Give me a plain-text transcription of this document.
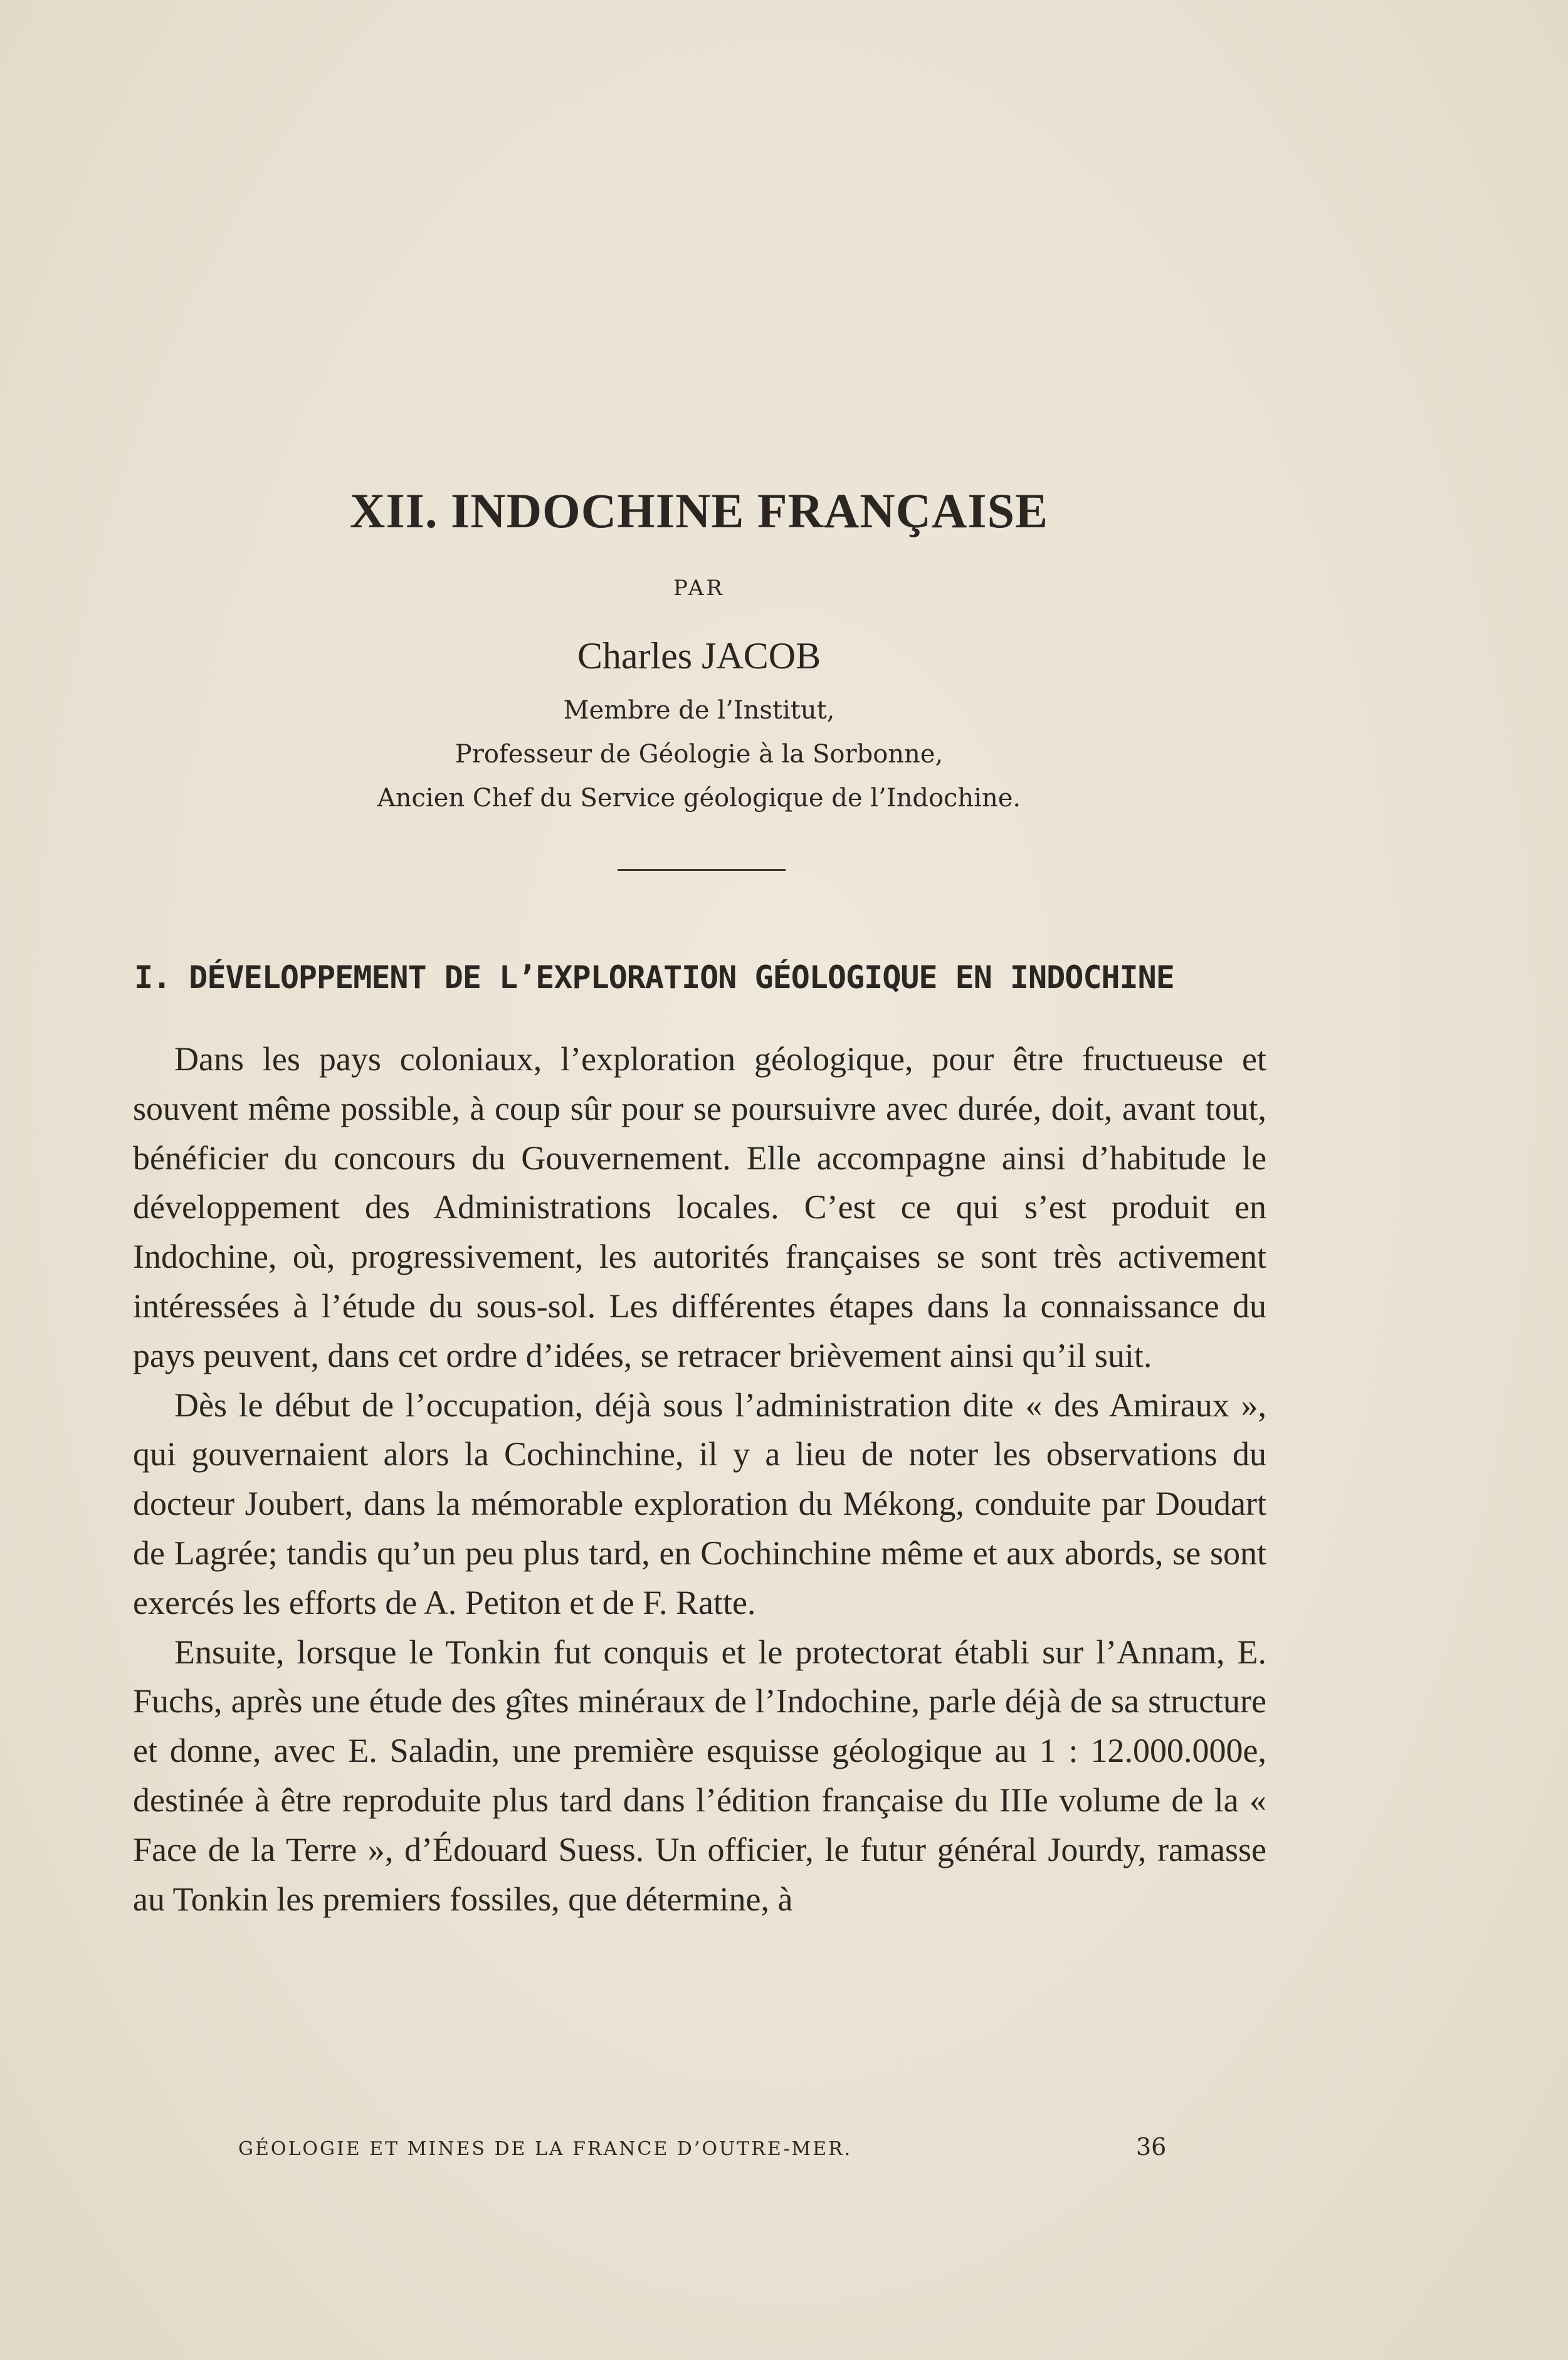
XII. INDOCHINE FRANÇAISE
PAR
Charles JACOB
Membre de l’Institut,
Professeur de Géologie à la Sorbonne,
Ancien Chef du Service géologique de l’Indochine.
I. DÉVELOPPEMENT DE L’EXPLORATION GÉOLOGIQUE EN INDOCHINE

Dans les pays coloniaux, l’exploration géologique, pour être fructueuse et souvent même possible, à coup sûr pour se poursuivre avec durée, doit, avant tout, bénéficier du concours du Gouvernement. Elle accompagne ainsi d’habitude le développement des Administrations locales. C’est ce qui s’est produit en Indochine, où, progressivement, les autorités françaises se sont très activement intéressées à l’étude du sous-sol. Les différentes étapes dans la connaissance du pays peuvent, dans cet ordre d’idées, se retracer brièvement ainsi qu’il suit.

Dès le début de l’occupation, déjà sous l’administration dite « des Amiraux », qui gouvernaient alors la Cochinchine, il y a lieu de noter les observations du docteur Joubert, dans la mémorable exploration du Mékong, conduite par Doudart de Lagrée; tandis qu’un peu plus tard, en Cochinchine même et aux abords, se sont exercés les efforts de A. Petiton et de F. Ratte.

Ensuite, lorsque le Tonkin fut conquis et le protectorat établi sur l’Annam, E. Fuchs, après une étude des gîtes minéraux de l’Indochine, parle déjà de sa structure et donne, avec E. Saladin, une première esquisse géologique au 1 : 12.000.000e, destinée à être reproduite plus tard dans l’édition française du IIIe volume de la « Face de la Terre », d’Édouard Suess. Un officier, le futur général Jourdy, ramasse au Tonkin les premiers fossiles, que détermine, à

GÉOLOGIE ET MINES DE LA FRANCE D’OUTRE-MER.	36
